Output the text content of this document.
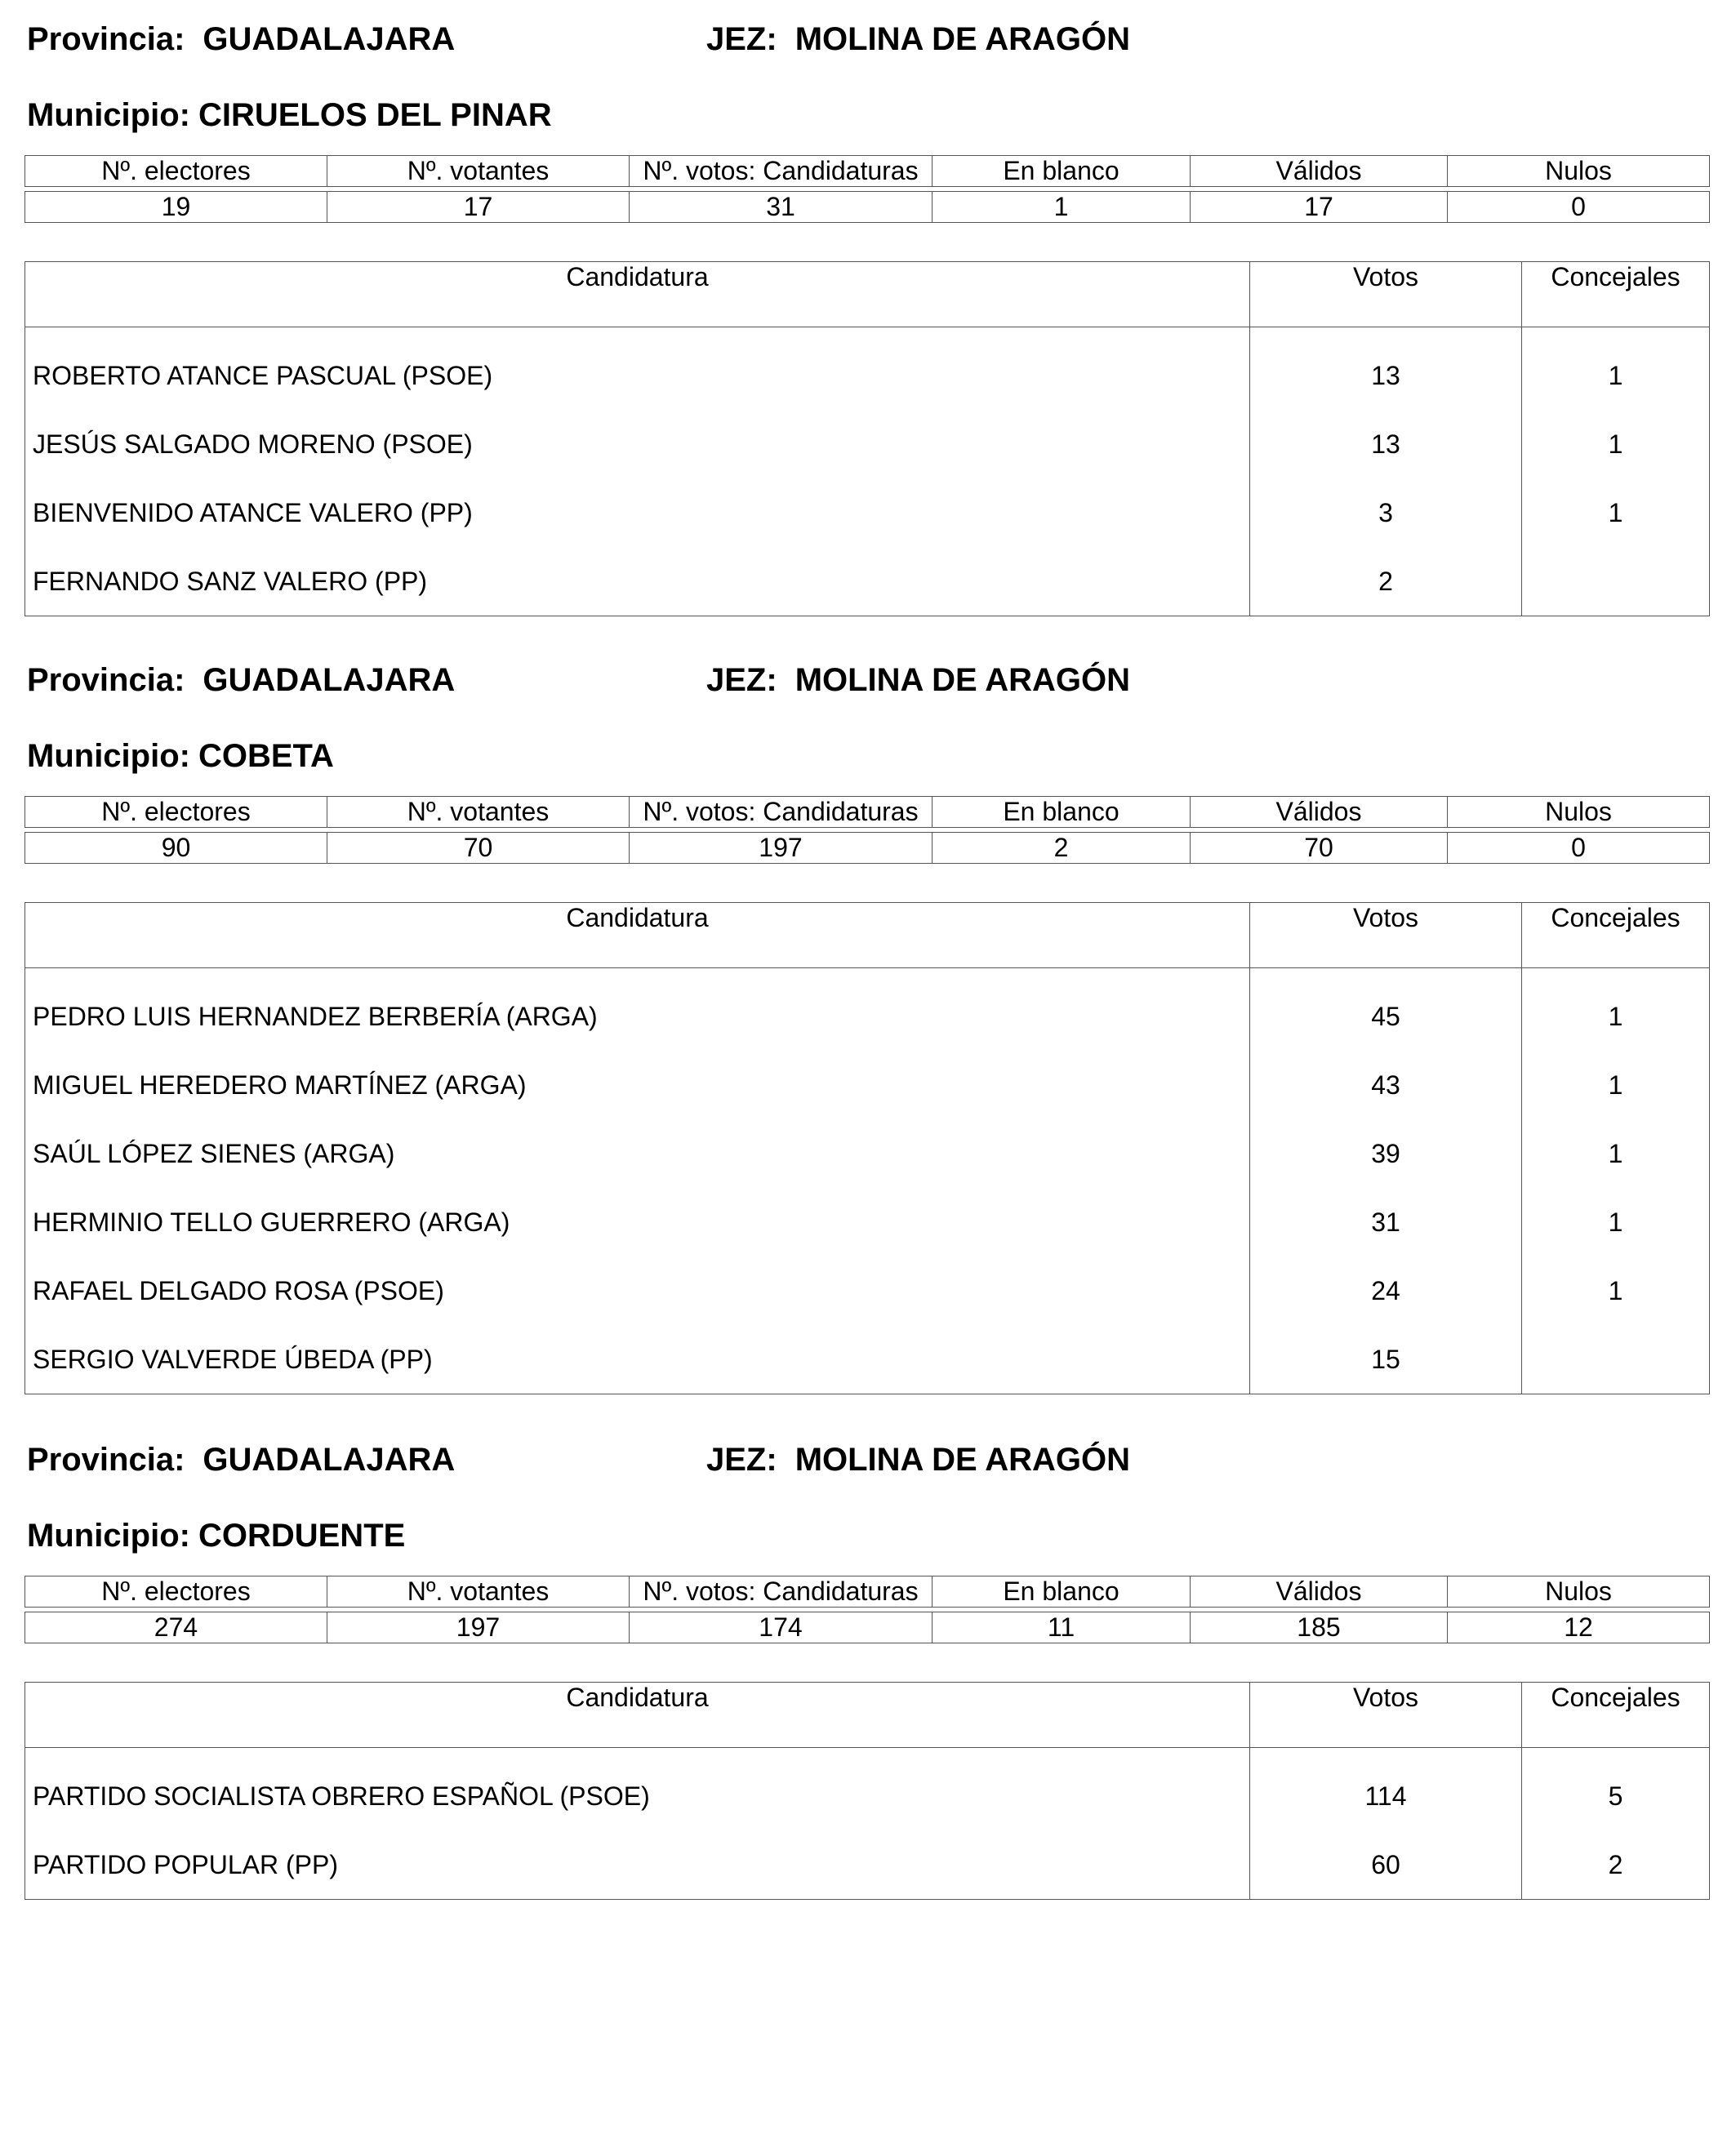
Provincia: GUADALAJARA	JEZ: MOLINA DE ARAGÓN
Municipio: CIRUELOS DEL PINAR
Nº. electores	Nº. votantes	Nº. votos: Candidaturas	En blanco	Válidos	Nulos

19	17	31	1	17	0
Candidatura	Votos	Concejales

ROBERTO ATANCE PASCUAL (PSOE)	13	1

JESÚS SALGADO MORENO (PSOE)	13	1
BIENVENIDO ATANCE VALERO (PP)	3	1
FERNANDO SANZ VALERO (PP)	2	
Provincia: GUADALAJARA	JEZ: MOLINA DE ARAGÓN
Municipio: COBETA
Nº. electores	Nº. votantes	Nº. votos: Candidaturas	En blanco	Válidos	Nulos

90	70	197	2	70	0
Candidatura	Votos	Concejales

PEDRO LUIS HERNANDEZ BERBERÍA (ARGA)	45	1

MIGUEL HEREDERO MARTÍNEZ (ARGA)	43	1
SAÚL LÓPEZ SIENES (ARGA)	39	1
HERMINIO TELLO GUERRERO (ARGA)	31	1
RAFAEL DELGADO ROSA (PSOE)	24	1
SERGIO VALVERDE ÚBEDA (PP)	15	
Provincia: GUADALAJARA	JEZ: MOLINA DE ARAGÓN
Municipio: CORDUENTE
Nº. electores	Nº. votantes	Nº. votos: Candidaturas	En blanco	Válidos	Nulos

274	197	174	11	185	12
Candidatura	Votos	Concejales

PARTIDO SOCIALISTA OBRERO ESPAÑOL (PSOE)	114	5

PARTIDO POPULAR (PP)	60	2
